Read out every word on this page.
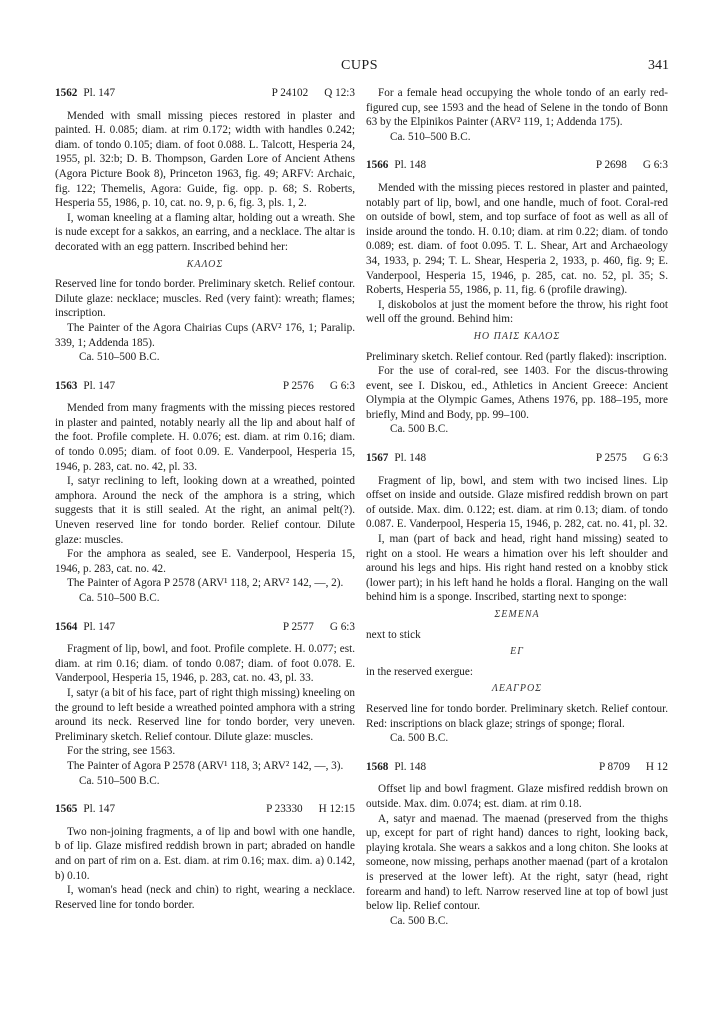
CUPS	341
1562 Pl. 147	P 24102 Q 12:3

Mended with small missing pieces restored in plaster and painted. H. 0.085; diam. at rim 0.172; width with handles 0.242; diam. of tondo 0.105; diam. of foot 0.088. L. Talcott, Hesperia 24, 1955, pl. 32:b; D. B. Thompson, Garden Lore of Ancient Athens (Agora Picture Book 8), Princeton 1963, fig. 49; ARFV: Archaic, fig. 122; Themelis, Agora: Guide, fig. opp. p. 68; S. Roberts, Hesperia 55, 1986, p. 10, cat. no. 9, p. 6, fig. 3, pls. 1, 2.

I, woman kneeling at a flaming altar, holding out a wreath. She is nude except for a sakkos, an earring, and a necklace. The altar is decorated with an egg pattern. Inscribed behind her:

ΚΑΛΟΣ

Reserved line for tondo border. Preliminary sketch. Relief contour. Dilute glaze: necklace; muscles. Red (very faint): wreath; flames; inscription.

The Painter of the Agora Chairias Cups (ARV² 176, 1; Paralip. 339, 1; Addenda 185).

Ca. 510–500 B.C.

1563 Pl. 147	P 2576 G 6:3

Mended from many fragments with the missing pieces restored in plaster and painted, notably nearly all the lip and about half of the foot. Profile complete. H. 0.076; est. diam. at rim 0.16; diam. of tondo 0.095; diam. of foot 0.09. E. Vanderpool, Hesperia 15, 1946, p. 283, cat. no. 42, pl. 33.

I, satyr reclining to left, looking down at a wreathed, pointed amphora. Around the neck of the amphora is a string, which suggests that it is still sealed. At the right, an animal pelt(?). Uneven reserved line for tondo border. Relief contour. Dilute glaze: muscles.

For the amphora as sealed, see E. Vanderpool, Hesperia 15, 1946, p. 283, cat. no. 42.

The Painter of Agora P 2578 (ARV¹ 118, 2; ARV² 142, —, 2).

Ca. 510–500 B.C.

1564 Pl. 147	P 2577 G 6:3

Fragment of lip, bowl, and foot. Profile complete. H. 0.077; est. diam. at rim 0.16; diam. of tondo 0.087; diam. of foot 0.078. E. Vanderpool, Hesperia 15, 1946, p. 283, cat. no. 43, pl. 33.

I, satyr (a bit of his face, part of right thigh missing) kneeling on the ground to left beside a wreathed pointed amphora with a string around its neck. Reserved line for tondo border, very uneven. Preliminary sketch. Relief contour. Dilute glaze: muscles.

For the string, see 1563.

The Painter of Agora P 2578 (ARV¹ 118, 3; ARV² 142, —, 3).

Ca. 510–500 B.C.

1565 Pl. 147	P 23330 H 12:15

Two non-joining fragments, a of lip and bowl with one handle, b of lip. Glaze misfired reddish brown in part; abraded on handle and on part of rim on a. Est. diam. at rim 0.16; max. dim. a) 0.142, b) 0.10.

I, woman's head (neck and chin) to right, wearing a necklace. Reserved line for tondo border.

For a female head occupying the whole tondo of an early red-figured cup, see 1593 and the head of Selene in the tondo of Bonn 63 by the Elpinikos Painter (ARV² 119, 1; Addenda 175).

Ca. 510–500 B.C.

1566 Pl. 148	P 2698 G 6:3

Mended with the missing pieces restored in plaster and painted, notably part of lip, bowl, and one handle, much of foot. Coral-red on outside of bowl, stem, and top surface of foot as well as all of inside around the tondo. H. 0.10; diam. at rim 0.22; diam. of tondo 0.089; est. diam. of foot 0.095. T. L. Shear, Art and Archaeology 34, 1933, p. 294; T. L. Shear, Hesperia 2, 1933, p. 460, fig. 9; E. Vanderpool, Hesperia 15, 1946, p. 285, cat. no. 52, pl. 35; S. Roberts, Hesperia 55, 1986, p. 11, fig. 6 (profile drawing).

I, diskobolos at just the moment before the throw, his right foot well off the ground. Behind him:

ΗΟ ΠΑΙΣ ΚΑΛΟΣ

Preliminary sketch. Relief contour. Red (partly flaked): inscription.

For the use of coral-red, see 1403. For the discus-throwing event, see I. Diskou, ed., Athletics in Ancient Greece: Ancient Olympia at the Olympic Games, Athens 1976, pp. 188–195, more briefly, Mind and Body, pp. 99–100.

Ca. 500 B.C.

1567 Pl. 148	P 2575 G 6:3

Fragment of lip, bowl, and stem with two incised lines. Lip offset on inside and outside. Glaze misfired reddish brown on part of outside. Max. dim. 0.122; est. diam. at rim 0.13; diam. of tondo 0.087. E. Vanderpool, Hesperia 15, 1946, p. 282, cat. no. 41, pl. 32.

I, man (part of back and head, right hand missing) seated to right on a stool. He wears a himation over his left shoulder and around his legs and hips. His right hand rested on a knobby stick (lower part); in his left hand he holds a floral. Hanging on the wall behind him is a sponge. Inscribed, starting next to sponge:

ΣΕΜΕΝΑ

next to stick

ΕΓ

in the reserved exergue:

ΛΕΑΓΡΟΣ

Reserved line for tondo border. Preliminary sketch. Relief contour. Red: inscriptions on black glaze; strings of sponge; floral.

Ca. 500 B.C.

1568 Pl. 148	P 8709 H 12

Offset lip and bowl fragment. Glaze misfired reddish brown on outside. Max. dim. 0.074; est. diam. at rim 0.18.

A, satyr and maenad. The maenad (preserved from the thighs up, except for part of right hand) dances to right, looking back, playing krotala. She wears a sakkos and a long chiton. She looks at someone, now missing, perhaps another maenad (part of a krotalon is preserved at the lower left). At the right, satyr (head, right forearm and hand) to left. Narrow reserved line at top of bowl just below lip. Relief contour.

Ca. 500 B.C.
